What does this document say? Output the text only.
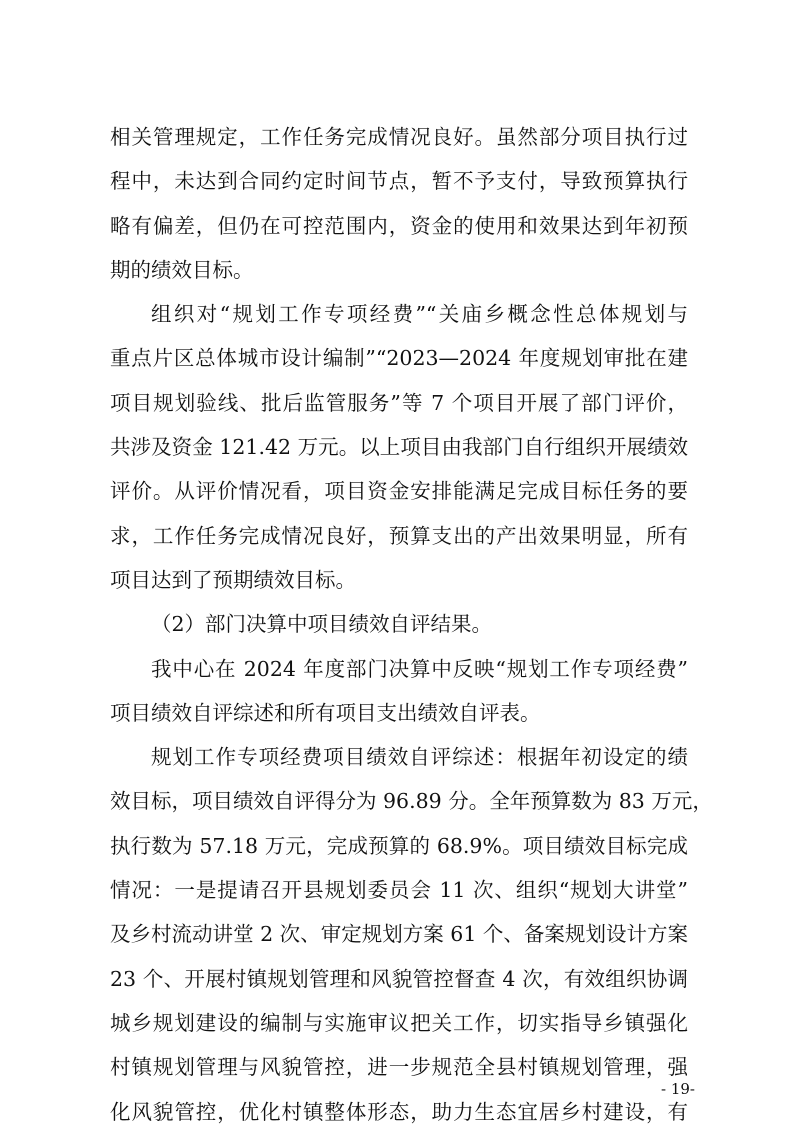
相关管理规定，工作任务完成情况良好。虽然部分项目执行过
程中，未达到合同约定时间节点，暂不予支付，导致预算执行
略有偏差，但仍在可控范围内，资金的使用和效果达到年初预
期的绩效目标。
组织对“规划工作专项经费”“关庙乡概念性总体规划与
重点片区总体城市设计编制”“2023—2024 年度规划审批在建
项目规划验线、批后监管服务”等 7 个项目开展了部门评价，
共涉及资金 121.42 万元。以上项目由我部门自行组织开展绩效
评价。从评价情况看，项目资金安排能满足完成目标任务的要
求，工作任务完成情况良好，预算支出的产出效果明显，所有
项目达到了预期绩效目标。
（2）部门决算中项目绩效自评结果。
我中心在 2024 年度部门决算中反映“规划工作专项经费”
项目绩效自评综述和所有项目支出绩效自评表。
规划工作专项经费项目绩效自评综述：根据年初设定的绩
效目标，项目绩效自评得分为 96.89 分。全年预算数为 83 万元，
执行数为 57.18 万元，完成预算的 68.9%。项目绩效目标完成
情况：一是提请召开县规划委员会 11 次、组织“规划大讲堂”
及乡村流动讲堂 2 次、审定规划方案 61 个、备案规划设计方案
23 个、开展村镇规划管理和风貌管控督查 4 次，有效组织协调
城乡规划建设的编制与实施审议把关工作，切实指导乡镇强化
村镇规划管理与风貌管控，进一步规范全县村镇规划管理，强
化风貌管控，优化村镇整体形态，助力生态宜居乡村建设，有
- 19-
